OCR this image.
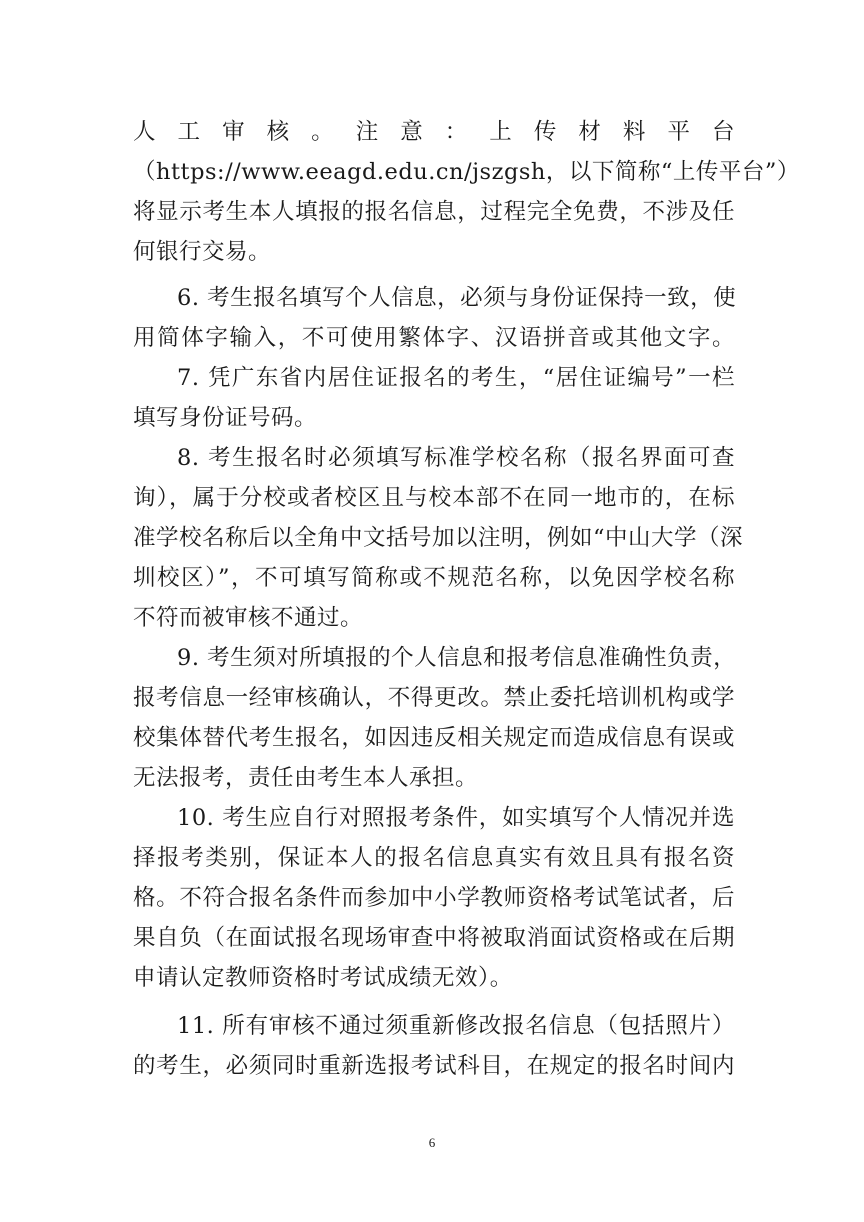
人 工 审 核 。 注 意 ： 上 传 材 料 平 台
（https://www.eeagd.edu.cn/jszgsh，以下简称“上传平台”）
将显示考生本人填报的报名信息，过程完全免费，不涉及任
何银行交易。
6. 考生报名填写个人信息，必须与身份证保持一致，使
用简体字输入，不可使用繁体字、汉语拼音或其他文字。
7. 凭广东省内居住证报名的考生，“居住证编号”一栏
填写身份证号码。
8. 考生报名时必须填写标准学校名称（报名界面可查
询），属于分校或者校区且与校本部不在同一地市的，在标
准学校名称后以全角中文括号加以注明，例如“中山大学（深
圳校区）”，不可填写简称或不规范名称，以免因学校名称
不符而被审核不通过。
9. 考生须对所填报的个人信息和报考信息准确性负责，
报考信息一经审核确认，不得更改。禁止委托培训机构或学
校集体替代考生报名，如因违反相关规定而造成信息有误或
无法报考，责任由考生本人承担。
10. 考生应自行对照报考条件，如实填写个人情况并选
择报考类别，保证本人的报名信息真实有效且具有报名资
格。不符合报名条件而参加中小学教师资格考试笔试者，后
果自负（在面试报名现场审查中将被取消面试资格或在后期
申请认定教师资格时考试成绩无效）。
11. 所有审核不通过须重新修改报名信息（包括照片）
的考生，必须同时重新选报考试科目，在规定的报名时间内
6
